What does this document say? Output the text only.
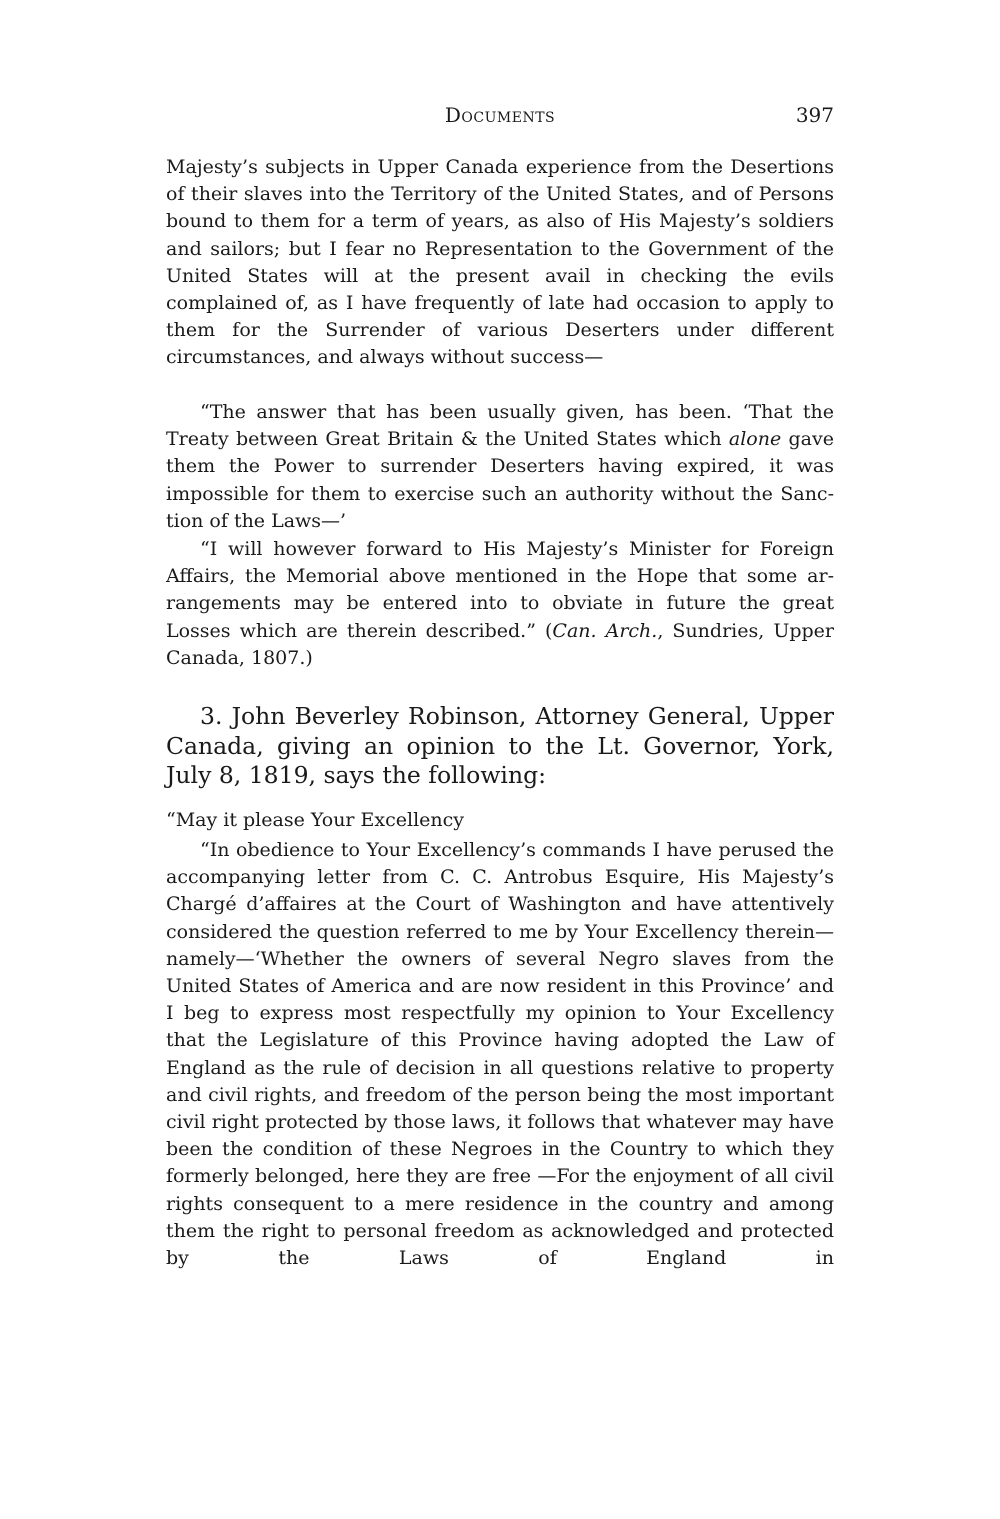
Documents	397

Majesty’s subjects in Upper Canada experience from the Desertions of their slaves into the Territory of the United States, and of Persons bound to them for a term of years, as also of His Majesty’s soldiers and sailors; but I fear no Representation to the Government of the United States will at the present avail in checking the evils complained of, as I have frequently of late had occasion to apply to them for the Surrender of various Deserters under different circumstances, and always without success—

“The answer that has been usually given, has been. ‘That the Treaty between Great Britain & the United States which alone gave them the Power to surrender Deserters having expired, it was impossible for them to exercise such an authority without the Sanction of the Laws—’

“I will however forward to His Majesty’s Minister for Foreign Affairs, the Memorial above mentioned in the Hope that some arrangements may be entered into to obviate in future the great Losses which are therein described.” (Can. Arch., Sundries, Upper Canada, 1807.)

3. John Beverley Robinson, Attorney General, Upper Canada, giving an opinion to the Lt. Governor, York, July 8, 1819, says the following:

“May it please Your Excellency

“In obedience to Your Excellency’s commands I have perused the accompanying letter from C. C. Antrobus Esquire, His Majesty’s Chargé d’affaires at the Court of Washington and have attentively considered the question referred to me by Your Excellency therein—namely—‘Whether the owners of several Negro slaves from the United States of America and are now resident in this Province’ and I beg to express most respectfully my opinion to Your Excellency that the Legislature of this Province having adopted the Law of England as the rule of decision in all questions relative to property and civil rights, and freedom of the person being the most important civil right protected by those laws, it follows that whatever may have been the condition of these Negroes in the Country to which they formerly belonged, here they are free —For the enjoyment of all civil rights consequent to a mere residence in the country and among them the right to personal freedom as acknowledged and protected by the Laws of England in
